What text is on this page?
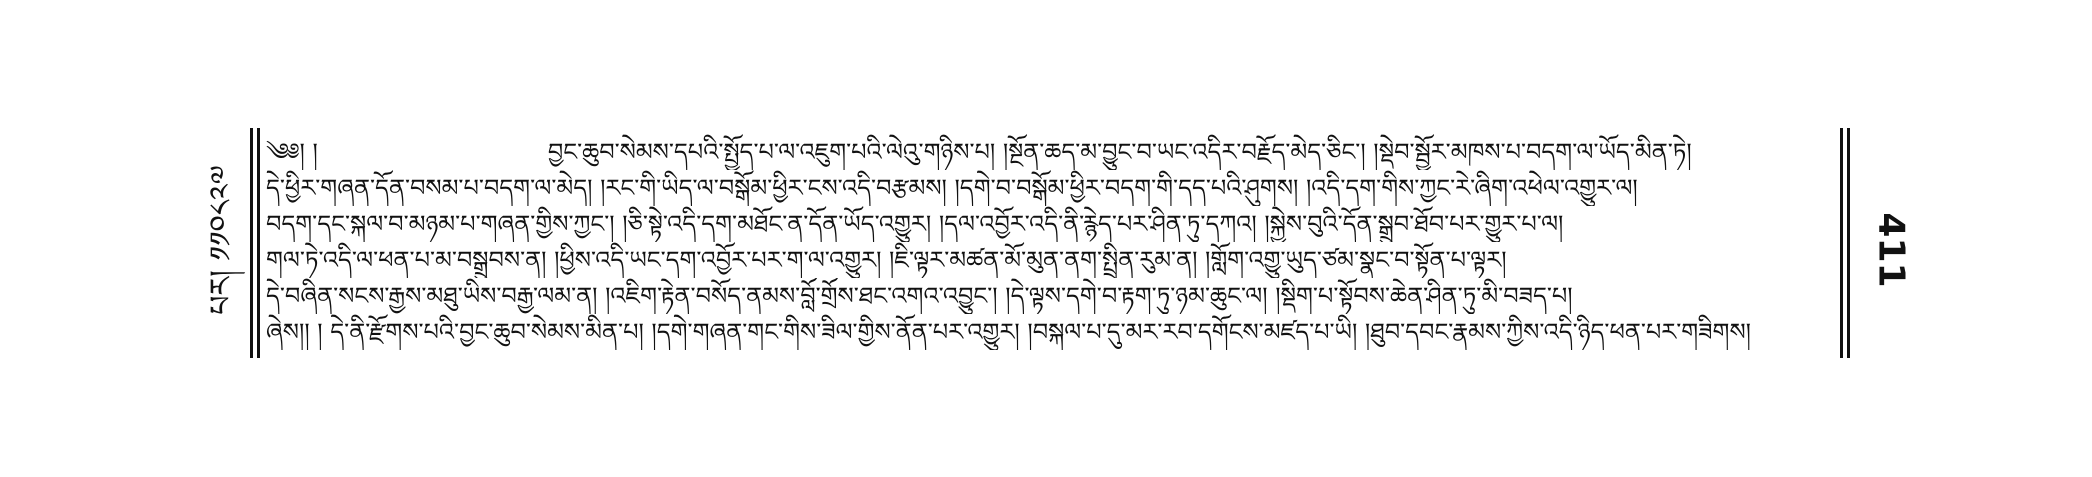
པར། ༡༡༠༨༢༧
༄༅། །	བྱང་ཆུབ་སེམས་དཔའི་སྤྱོད་པ་ལ་འཇུག་པའི་ལེའུ་གཉིས་པ། །སྔོན་ཆད་མ་བྱུང་བ་ཡང་འདིར་བརྗོད་མེད་ཅིང་། །སྡེབ་སྦྱོར་མཁས་པ་བདག་ལ་ཡོད་མིན་ཏེ།
དེ་ཕྱིར་གཞན་དོན་བསམ་པ་བདག་ལ་མེད། །རང་གི་ཡིད་ལ་བསྒོམ་ཕྱིར་ངས་འདི་བརྩམས། །དགེ་བ་བསྒོམ་ཕྱིར་བདག་གི་དད་པའི་ཤུགས། །འདི་དག་གིས་ཀྱང་རེ་ཞིག་འཕེལ་འགྱུར་ལ།
བདག་དང་སྐལ་བ་མཉམ་པ་གཞན་གྱིས་ཀྱང་། །ཅི་སྟེ་འདི་དག་མཐོང་ན་དོན་ཡོད་འགྱུར། །དལ་འབྱོར་འདི་ནི་རྙེད་པར་ཤིན་ཏུ་དཀའ། །སྐྱེས་བུའི་དོན་སྒྲུབ་ཐོབ་པར་གྱུར་པ་ལ།
གལ་ཏེ་འདི་ལ་ཕན་པ་མ་བསྒྲུབས་ན། །ཕྱིས་འདི་ཡང་དག་འབྱོར་པར་ག་ལ་འགྱུར། །ཇི་ལྟར་མཚན་མོ་མུན་ནག་སྤྲིན་རུམ་ན། །གློག་འགྱུ་ཡུད་ཙམ་སྣང་བ་སྟོན་པ་ལྟར།
དེ་བཞིན་སངས་རྒྱས་མཐུ་ཡིས་བརྒྱ་ལམ་ན། །འཇིག་རྟེན་བསོད་ནམས་བློ་གྲོས་ཐང་འགའ་འབྱུང་། །དེ་ལྟས་དགེ་བ་རྟག་ཏུ་ཉམ་ཆུང་ལ། །སྡིག་པ་སྟོབས་ཆེན་ཤིན་ཏུ་མི་བཟད་པ།
ཞེས།། ། དེ་ནི་རྫོགས་པའི་བྱང་ཆུབ་སེམས་མིན་པ། །དགེ་གཞན་གང་གིས་ཟིལ་གྱིས་ནོན་པར་འགྱུར། །བསྐལ་པ་དུ་མར་རབ་དགོངས་མཛད་པ་ཡི། །ཐུབ་དབང་རྣམས་ཀྱིས་འདི་ཉིད་ཕན་པར་གཟིགས།
411
